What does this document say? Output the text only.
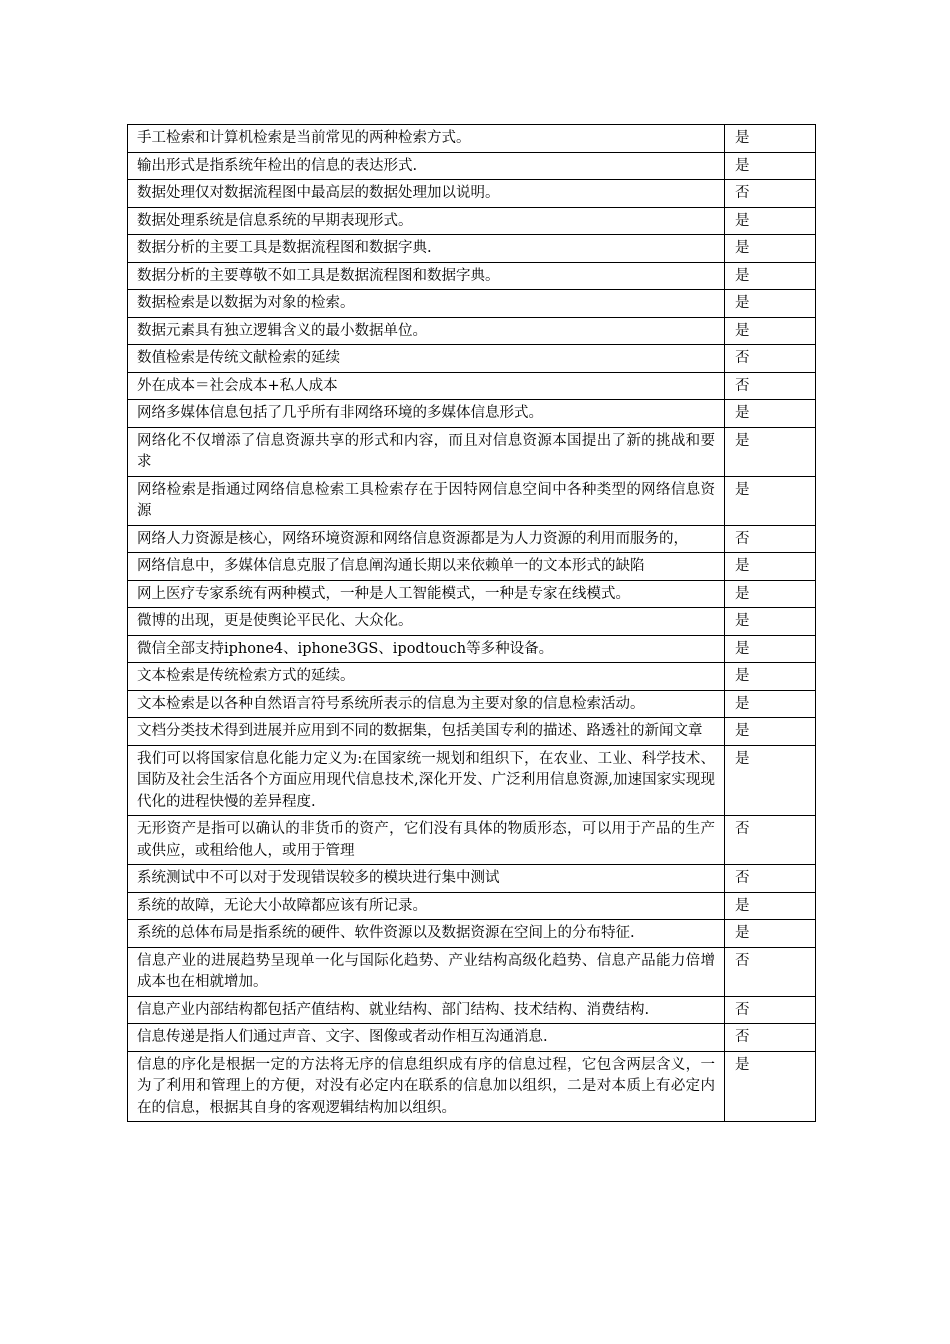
手工检索和计算机检索是当前常见的两种检索方式。	是
输出形式是指系统年检出的信息的表达形式.	是
数据处理仅对数据流程图中最高层的数据处理加以说明。	否
数据处理系统是信息系统的早期表现形式。	是
数据分析的主要工具是数据流程图和数据字典.	是
数据分析的主要尊敬不如工具是数据流程图和数据字典。	是
数据检索是以数据为对象的检索。	是
数据元素具有独立逻辑含义的最小数据单位。	是
数值检索是传统文献检索的延续	否
外在成本＝社会成本+私人成本	否
网络多媒体信息包括了几乎所有非网络环境的多媒体信息形式。	是
网络化不仅增添了信息资源共享的形式和内容，而且对信息资源本国提出了新的挑战和要求	是
网络检索是指通过网络信息检索工具检索存在于因特网信息空间中各种类型的网络信息资源	是
网络人力资源是核心，网络环境资源和网络信息资源都是为人力资源的利用而服务的，	否
网络信息中，多媒体信息克服了信息阐沟通长期以来依赖单一的文本形式的缺陷	是
网上医疗专家系统有两种模式，一种是人工智能模式，一种是专家在线模式。	是
微博的出现，更是使舆论平民化、大众化。	是
微信全部支持iphone4、iphone3GS、ipodtouch等多种设备。	是
文本检索是传统检索方式的延续。	是
文本检索是以各种自然语言符号系统所表示的信息为主要对象的信息检索活动。	是
文档分类技术得到进展并应用到不同的数据集，包括美国专利的描述、路透社的新闻文章	是
我们可以将国家信息化能力定义为:在国家统一规划和组织下，在农业、工业、科学技术、国防及社会生活各个方面应用现代信息技术,深化开发、广泛利用信息资源,加速国家实现现代化的进程快慢的差异程度.	是
无形资产是指可以确认的非货币的资产，它们没有具体的物质形态，可以用于产品的生产或供应，或租给他人，或用于管理	否
系统测试中不可以对于发现错误较多的模块进行集中测试	否
系统的故障，无论大小故障都应该有所记录。	是
系统的总体布局是指系统的硬件、软件资源以及数据资源在空间上的分布特征.	是
信息产业的进展趋势呈现单一化与国际化趋势、产业结构高级化趋势、信息产品能力倍增成本也在相就增加。	否
信息产业内部结构都包括产值结构、就业结构、部门结构、技术结构、消费结构.	否
信息传递是指人们通过声音、文字、图像或者动作相互沟通消息.	否
信息的序化是根据一定的方法将无序的信息组织成有序的信息过程，它包含两层含义，一为了利用和管理上的方便，对没有必定内在联系的信息加以组织，二是对本质上有必定内在的信息，根据其自身的客观逻辑结构加以组织。	是
